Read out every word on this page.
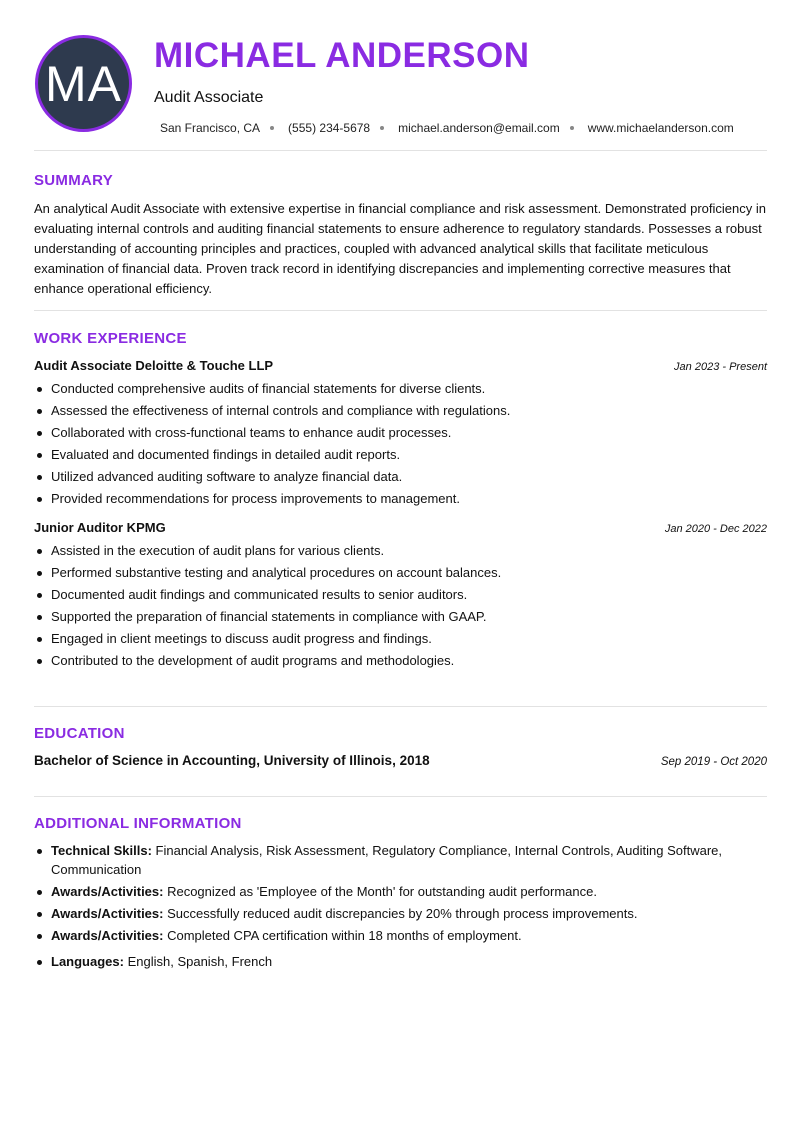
MA MICHAEL ANDERSON
Audit Associate
San Francisco, CA (555) 234-5678 michael.anderson@email.com www.michaelanderson.com
SUMMARY

An analytical Audit Associate with extensive expertise in financial compliance and risk assessment. Demonstrated proficiency in evaluating internal controls and auditing financial statements to ensure adherence to regulatory standards. Possesses a robust understanding of accounting principles and practices, coupled with advanced analytical skills that facilitate meticulous examination of financial data. Proven track record in identifying discrepancies and implementing corrective measures that enhance operational efficiency.

WORK EXPERIENCE
Audit Associate Deloitte & Touche LLP	Jan 2023 - Present
Conducted comprehensive audits of financial statements for diverse clients.
Assessed the effectiveness of internal controls and compliance with regulations.
Collaborated with cross-functional teams to enhance audit processes.
Evaluated and documented findings in detailed audit reports.
Utilized advanced auditing software to analyze financial data.
Provided recommendations for process improvements to management.
Junior Auditor KPMG	Jan 2020 - Dec 2022
Assisted in the execution of audit plans for various clients.
Performed substantive testing and analytical procedures on account balances.
Documented audit findings and communicated results to senior auditors.
Supported the preparation of financial statements in compliance with GAAP.
Engaged in client meetings to discuss audit progress and findings.
Contributed to the development of audit programs and methodologies.
EDUCATION
Bachelor of Science in Accounting, University of Illinois, 2018	Sep 2019 - Oct 2020
ADDITIONAL INFORMATION
Technical Skills: Financial Analysis, Risk Assessment, Regulatory Compliance, Internal Controls, Auditing Software, Communication
Awards/Activities: Recognized as 'Employee of the Month' for outstanding audit performance.
Awards/Activities: Successfully reduced audit discrepancies by 20% through process improvements.
Awards/Activities: Completed CPA certification within 18 months of employment.
Languages: English, Spanish, French
